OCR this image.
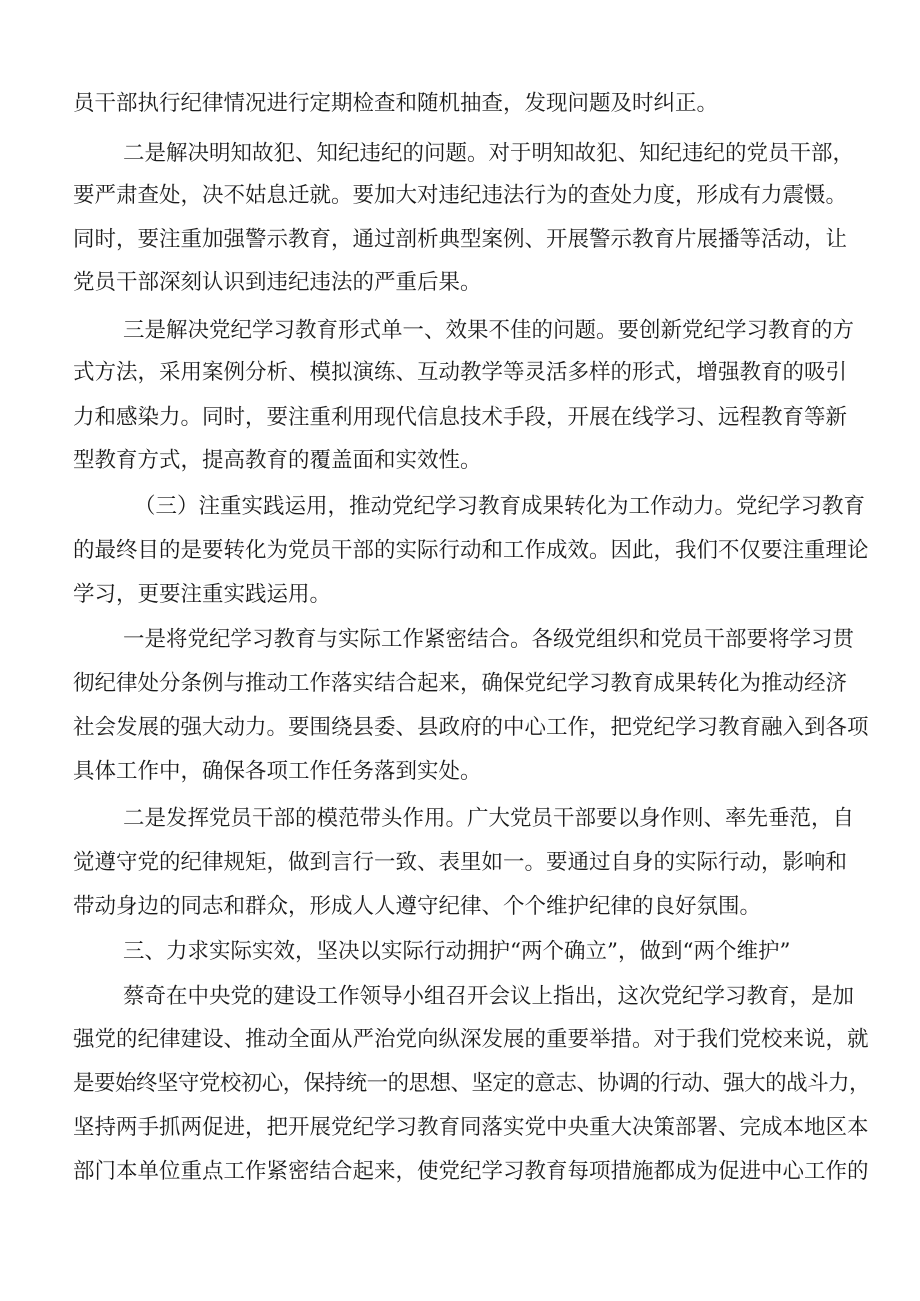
员干部执行纪律情况进行定期检查和随机抽查，发现问题及时纠正。
二是解决明知故犯、知纪违纪的问题。对于明知故犯、知纪违纪的党员干部，
要严肃查处，决不姑息迁就。要加大对违纪违法行为的查处力度，形成有力震慑。
同时，要注重加强警示教育，通过剖析典型案例、开展警示教育片展播等活动，让
党员干部深刻认识到违纪违法的严重后果。
三是解决党纪学习教育形式单一、效果不佳的问题。要创新党纪学习教育的方
式方法，采用案例分析、模拟演练、互动教学等灵活多样的形式，增强教育的吸引
力和感染力。同时，要注重利用现代信息技术手段，开展在线学习、远程教育等新
型教育方式，提高教育的覆盖面和实效性。
（三）注重实践运用，推动党纪学习教育成果转化为工作动力。党纪学习教育
的最终目的是要转化为党员干部的实际行动和工作成效。因此，我们不仅要注重理论
学习，更要注重实践运用。
一是将党纪学习教育与实际工作紧密结合。各级党组织和党员干部要将学习贯
彻纪律处分条例与推动工作落实结合起来，确保党纪学习教育成果转化为推动经济
社会发展的强大动力。要围绕县委、县政府的中心工作，把党纪学习教育融入到各项
具体工作中，确保各项工作任务落到实处。
二是发挥党员干部的模范带头作用。广大党员干部要以身作则、率先垂范，自
觉遵守党的纪律规矩，做到言行一致、表里如一。要通过自身的实际行动，影响和
带动身边的同志和群众，形成人人遵守纪律、个个维护纪律的良好氛围。
三、力求实际实效，坚决以实际行动拥护“两个确立”，做到“两个维护”
蔡奇在中央党的建设工作领导小组召开会议上指出，这次党纪学习教育，是加
强党的纪律建设、推动全面从严治党向纵深发展的重要举措。对于我们党校来说，就
是要始终坚守党校初心，保持统一的思想、坚定的意志、协调的行动、强大的战斗力，
坚持两手抓两促进，把开展党纪学习教育同落实党中央重大决策部署、完成本地区本
部门本单位重点工作紧密结合起来，使党纪学习教育每项措施都成为促进中心工作的
